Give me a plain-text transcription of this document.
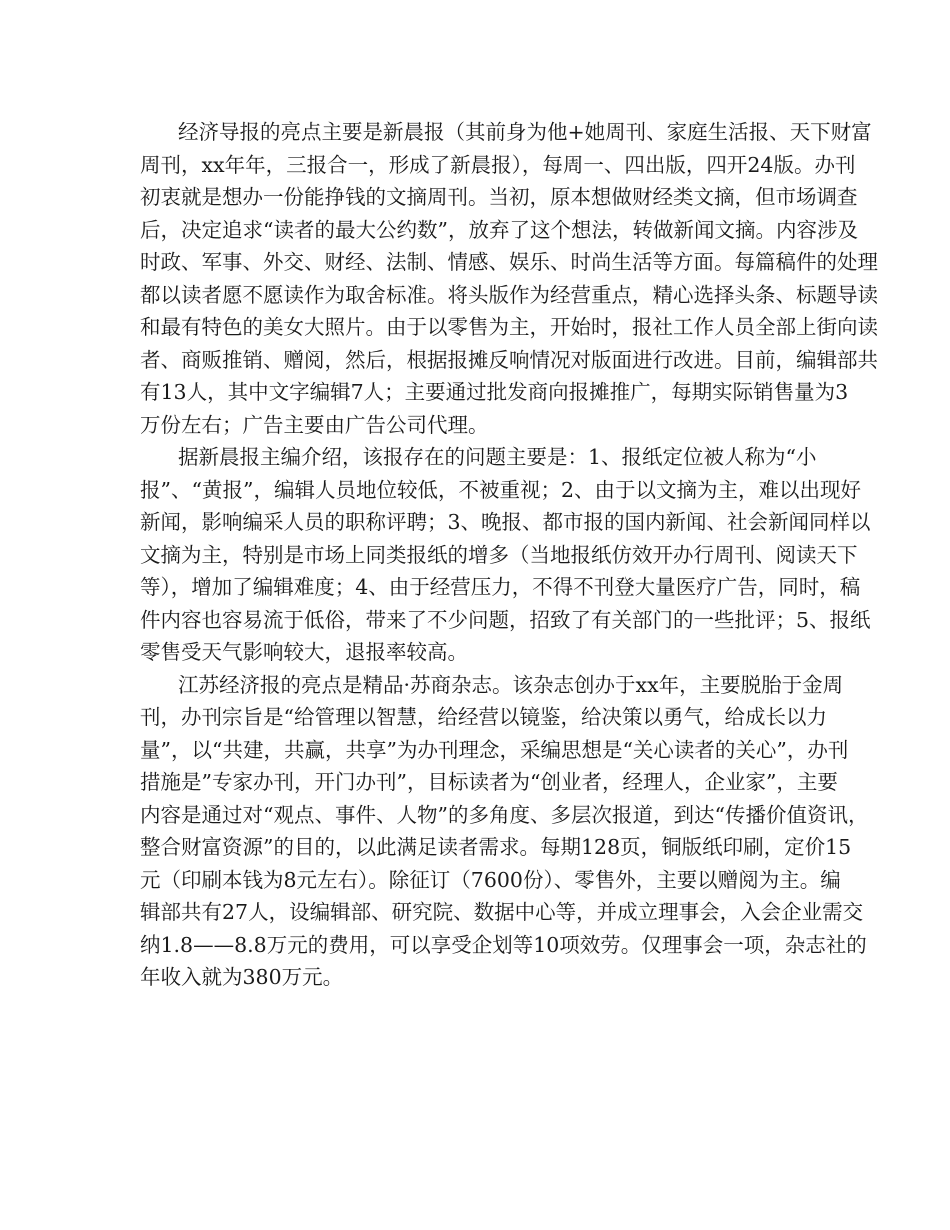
经济导报的亮点主要是新晨报（其前身为他+她周刊、家庭生活报、天下财富
周刊，xx年年，三报合一，形成了新晨报），每周一、四出版，四开24版。办刊
初衷就是想办一份能挣钱的文摘周刊。当初，原本想做财经类文摘，但市场调查
后，决定追求“读者的最大公约数”，放弃了这个想法，转做新闻文摘。内容涉及
时政、军事、外交、财经、法制、情感、娱乐、时尚生活等方面。每篇稿件的处理
都以读者愿不愿读作为取舍标准。将头版作为经营重点，精心选择头条、标题导读
和最有特色的美女大照片。由于以零售为主，开始时，报社工作人员全部上街向读
者、商贩推销、赠阅，然后，根据报摊反响情况对版面进行改进。目前，编辑部共
有13人，其中文字编辑7人；主要通过批发商向报摊推广，每期实际销售量为3
万份左右；广告主要由广告公司代理。
据新晨报主编介绍，该报存在的问题主要是：1、报纸定位被人称为“小
报”、“黄报”，编辑人员地位较低，不被重视；2、由于以文摘为主，难以出现好
新闻，影响编采人员的职称评聘；3、晚报、都市报的国内新闻、社会新闻同样以
文摘为主，特别是市场上同类报纸的增多（当地报纸仿效开办行周刊、阅读天下
等），增加了编辑难度；4、由于经营压力，不得不刊登大量医疗广告，同时，稿
件内容也容易流于低俗，带来了不少问题，招致了有关部门的一些批评；5、报纸
零售受天气影响较大，退报率较高。
江苏经济报的亮点是精品·苏商杂志。该杂志创办于xx年，主要脱胎于金周
刊，办刊宗旨是“给管理以智慧，给经营以镜鉴，给决策以勇气，给成长以力
量”，以“共建，共赢，共享”为办刊理念，采编思想是“关心读者的关心”，办刊
措施是”专家办刊，开门办刊”，目标读者为“创业者，经理人，企业家”，主要
内容是通过对“观点、事件、人物”的多角度、多层次报道，到达“传播价值资讯，
整合财富资源”的目的，以此满足读者需求。每期128页，铜版纸印刷，定价15
元（印刷本钱为8元左右）。除征订（7600份）、零售外，主要以赠阅为主。编
辑部共有27人，设编辑部、研究院、数据中心等，并成立理事会，入会企业需交
纳1.8——8.8万元的费用，可以享受企划等10项效劳。仅理事会一项，杂志社的
年收入就为380万元。
